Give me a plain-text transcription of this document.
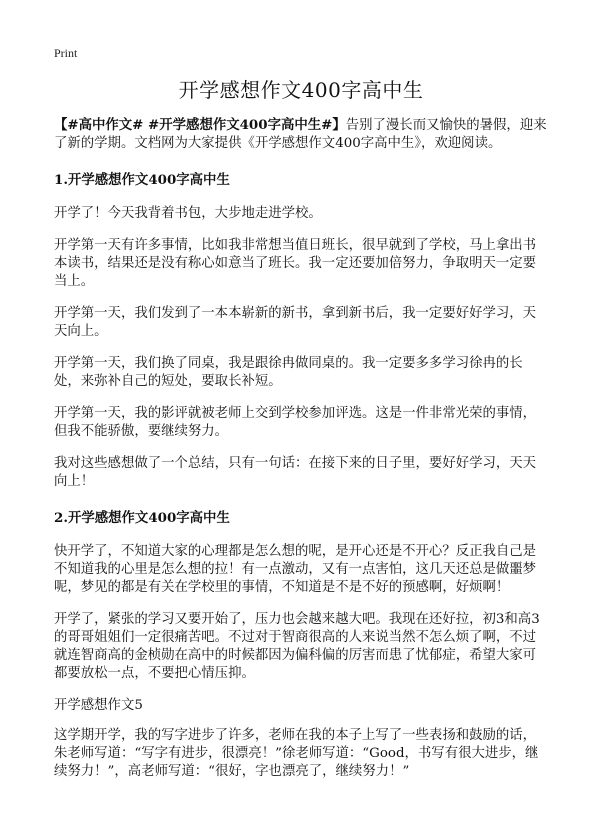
Print
开学感想作文400字高中生

【#高中作文# #开学感想作文400字高中生#】告别了漫长而又愉快的暑假，迎来了新的学期。文档网为大家提供《开学感想作文400字高中生》，欢迎阅读。

1.开学感想作文400字高中生

开学了！今天我背着书包，大步地走进学校。

开学第一天有许多事情，比如我非常想当值日班长，很早就到了学校，马上拿出书本读书，结果还是没有称心如意当了班长。我一定还要加倍努力，争取明天一定要当上。

开学第一天，我们发到了一本本崭新的新书，拿到新书后，我一定要好好学习，天天向上。

开学第一天，我们换了同桌，我是跟徐冉做同桌的。我一定要多多学习徐冉的长处，来弥补自己的短处，要取长补短。

开学第一天，我的影评就被老师上交到学校参加评选。这是一件非常光荣的事情，但我不能骄傲，要继续努力。

我对这些感想做了一个总结，只有一句话：在接下来的日子里，要好好学习，天天向上！

2.开学感想作文400字高中生

快开学了，不知道大家的心理都是怎么想的呢，是开心还是不开心？反正我自己是不知道我的心里是怎么想的拉！有一点激动，又有一点害怕，这几天还总是做噩梦呢，梦见的都是有关在学校里的事情，不知道是不是不好的预感啊，好烦啊！

开学了，紧张的学习又要开始了，压力也会越来越大吧。我现在还好拉，初3和高3的哥哥姐姐们一定很痛苦吧。不过对于智商很高的人来说当然不怎么烦了啊，不过就连智商高的金桢勋在高中的时候都因为偏科偏的厉害而患了忧郁症，希望大家可都要放松一点，不要把心情压抑。

开学感想作文5

这学期开学，我的写字进步了许多，老师在我的本子上写了一些表扬和鼓励的话，朱老师写道：“写字有进步，很漂亮！”徐老师写道：“Good，书写有很大进步，继续努力！”，高老师写道：“很好，字也漂亮了，继续努力！”
